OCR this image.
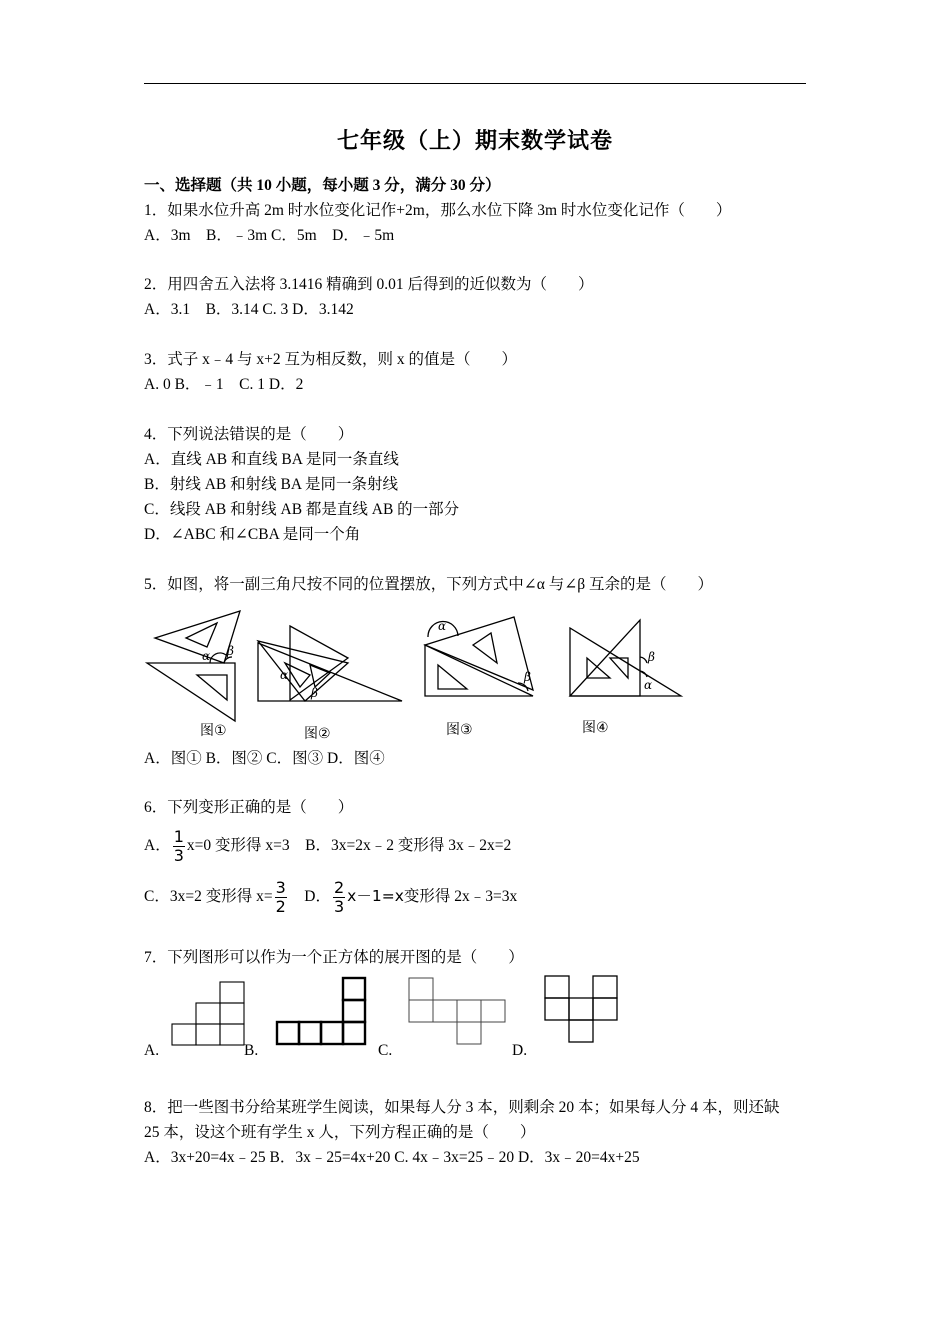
七年级（上）期末数学试卷
一、选择题（共 10 小题，每小题 3 分，满分 30 分）
1．如果水位升高 2m 时水位变化记作+2m，那么水位下降 3m 时水位变化记作（　　）
A．3m　B．﹣3m C．5m　D．﹣5m
2．用四舍五入法将 3.1416 精确到 0.01 后得到的近似数为（　　）
A．3.1　B．3.14 C. 3 D．3.142
3．式子 x﹣4 与 x+2 互为相反数，则 x 的值是（　　）
A. 0 B．﹣1　C. 1 D．2
4．下列说法错误的是（　　）
A．直线 AB 和直线 BA 是同一条直线
B．射线 AB 和射线 BA 是同一条射线
C．线段 AB 和射线 AB 都是直线 AB 的一部分
D．∠ABC 和∠CBA 是同一个角
5．如图，将一副三角尺按不同的位置摆放，下列方式中∠α 与∠β 互余的是（　　）
α β
α
β
α
β
β
α
图①	图②	图③	图④
A．图① B．图② C．图③ D．图④
6．下列变形正确的是（　　）
A． $\frac{1}{3} x=0$ 变形得 x=3　B．3x=2x﹣2 变形得 3x﹣2x=2
C．3x=2 变形得 $x= \frac{3}{2}$
　 D． $\frac{2}{3} x-1=x$变形得 2x﹣3=3x
7．下列图形可以作为一个正方体的展开图的是（　　）
A.	B.	C.	D.
8．把一些图书分给某班学生阅读，如果每人分 3 本，则剩余 20 本；如果每人分 4 本，则还缺
25 本，设这个班有学生 x 人，下列方程正确的是（　　）
A．3x+20=4x﹣25 B．3x﹣25=4x+20 C. 4x﹣3x=25﹣20 D．3x﹣20=4x+25
